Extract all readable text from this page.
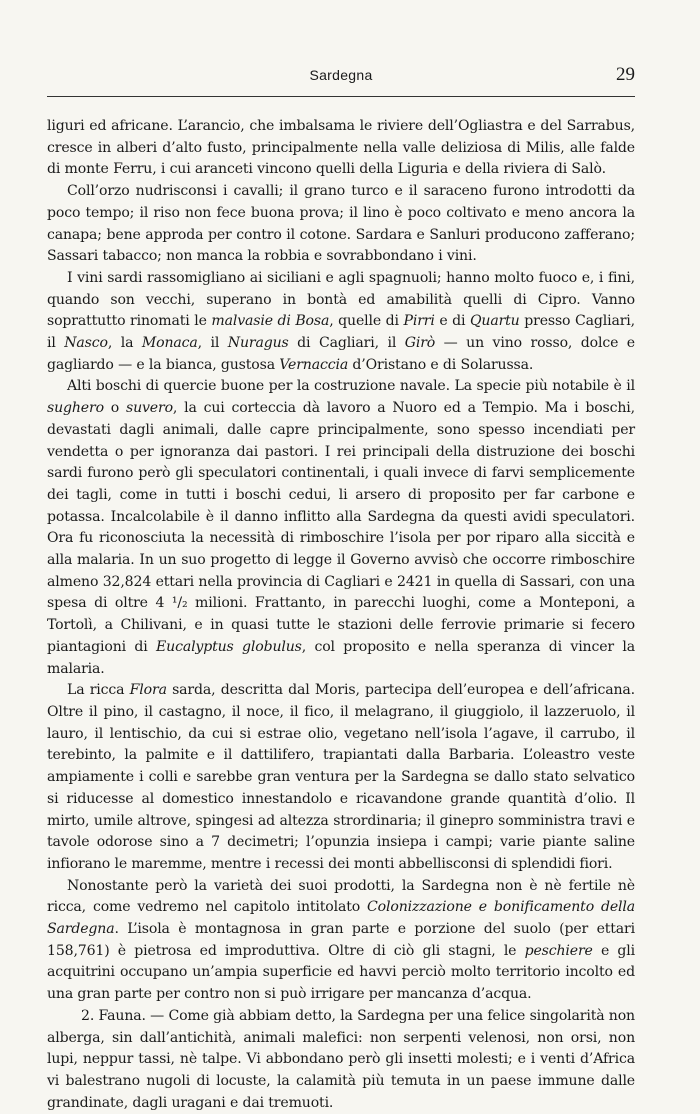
Sardegna	29

liguri ed africane. L’arancio, che imbalsama le riviere dell’Ogliastra e del Sarrabus, cresce in alberi d’alto fusto, principalmente nella valle deliziosa di Milis, alle falde di monte Ferru, i cui aranceti vincono quelli della Liguria e della riviera di Salò.

Coll’orzo nudrisconsi i cavalli; il grano turco e il saraceno furono introdotti da poco tempo; il riso non fece buona prova; il lino è poco coltivato e meno ancora la canapa; bene approda per contro il cotone. Sardara e Sanluri producono zafferano; Sassari tabacco; non manca la robbia e sovrabbondano i vini.

I vini sardi rassomigliano ai siciliani e agli spagnuoli; hanno molto fuoco e, i fini, quando son vecchi, superano in bontà ed amabilità quelli di Cipro. Vanno soprattutto rinomati le malvasie di Bosa, quelle di Pirri e di Quartu presso Cagliari, il Nasco, la Monaca, il Nuragus di Cagliari, il Girò — un vino rosso, dolce e gagliardo — e la bianca, gustosa Vernaccia d’Oristano e di Solarussa.

Alti boschi di quercie buone per la costruzione navale. La specie più notabile è il sughero o suvero, la cui corteccia dà lavoro a Nuoro ed a Tempio. Ma i boschi, devastati dagli animali, dalle capre principalmente, sono spesso incendiati per vendetta o per ignoranza dai pastori. I rei principali della distruzione dei boschi sardi furono però gli speculatori continentali, i quali invece di farvi semplicemente dei tagli, come in tutti i boschi cedui, li arsero di proposito per far carbone e potassa. Incalcolabile è il danno inflitto alla Sardegna da questi avidi speculatori. Ora fu riconosciuta la necessità di rimboschire l’isola per por riparo alla siccità e alla malaria. In un suo progetto di legge il Governo avvisò che occorre rimboschire almeno 32,824 ettari nella provincia di Cagliari e 2421 in quella di Sassari, con una spesa di oltre 4 ¹/₂ milioni. Frattanto, in parecchi luoghi, come a Monteponi, a Tortolì, a Chilivani, e in quasi tutte le stazioni delle ferrovie primarie si fecero piantagioni di Eucalyptus globulus, col proposito e nella speranza di vincer la malaria.

La ricca Flora sarda, descritta dal Moris, partecipa dell’europea e dell’africana. Oltre il pino, il castagno, il noce, il fico, il melagrano, il giuggiolo, il lazzeruolo, il lauro, il lentischio, da cui si estrae olio, vegetano nell’isola l’agave, il carrubo, il terebinto, la palmite e il dattilifero, trapiantati dalla Barbaria. L’oleastro veste ampiamente i colli e sarebbe gran ventura per la Sardegna se dallo stato selvatico si riducesse al domestico innestandolo e ricavandone grande quantità d’olio. Il mirto, umile altrove, spingesi ad altezza strordinaria; il ginepro somministra travi e tavole odorose sino a 7 decimetri; l’opunzia insiepa i campi; varie piante saline infiorano le maremme, mentre i recessi dei monti abbellisconsi di splendidi fiori.

Nonostante però la varietà dei suoi prodotti, la Sardegna non è nè fertile nè ricca, come vedremo nel capitolo intitolato Colonizzazione e bonificamento della Sardegna. L’isola è montagnosa in gran parte e porzione del suolo (per ettari 158,761) è pietrosa ed improduttiva. Oltre di ciò gli stagni, le peschiere e gli acquitrini occupano un’ampia superficie ed havvi perciò molto territorio incolto ed una gran parte per contro non si può irrigare per mancanza d’acqua.

2. Fauna. — Come già abbiam detto, la Sardegna per una felice singolarità non alberga, sin dall’antichità, animali malefici: non serpenti velenosi, non orsi, non lupi, neppur tassi, nè talpe. Vi abbondano però gli insetti molesti; e i venti d’Africa vi balestrano nugoli di locuste, la calamità più temuta in un paese immune dalle grandinate, dagli uragani e dai tremuoti.
